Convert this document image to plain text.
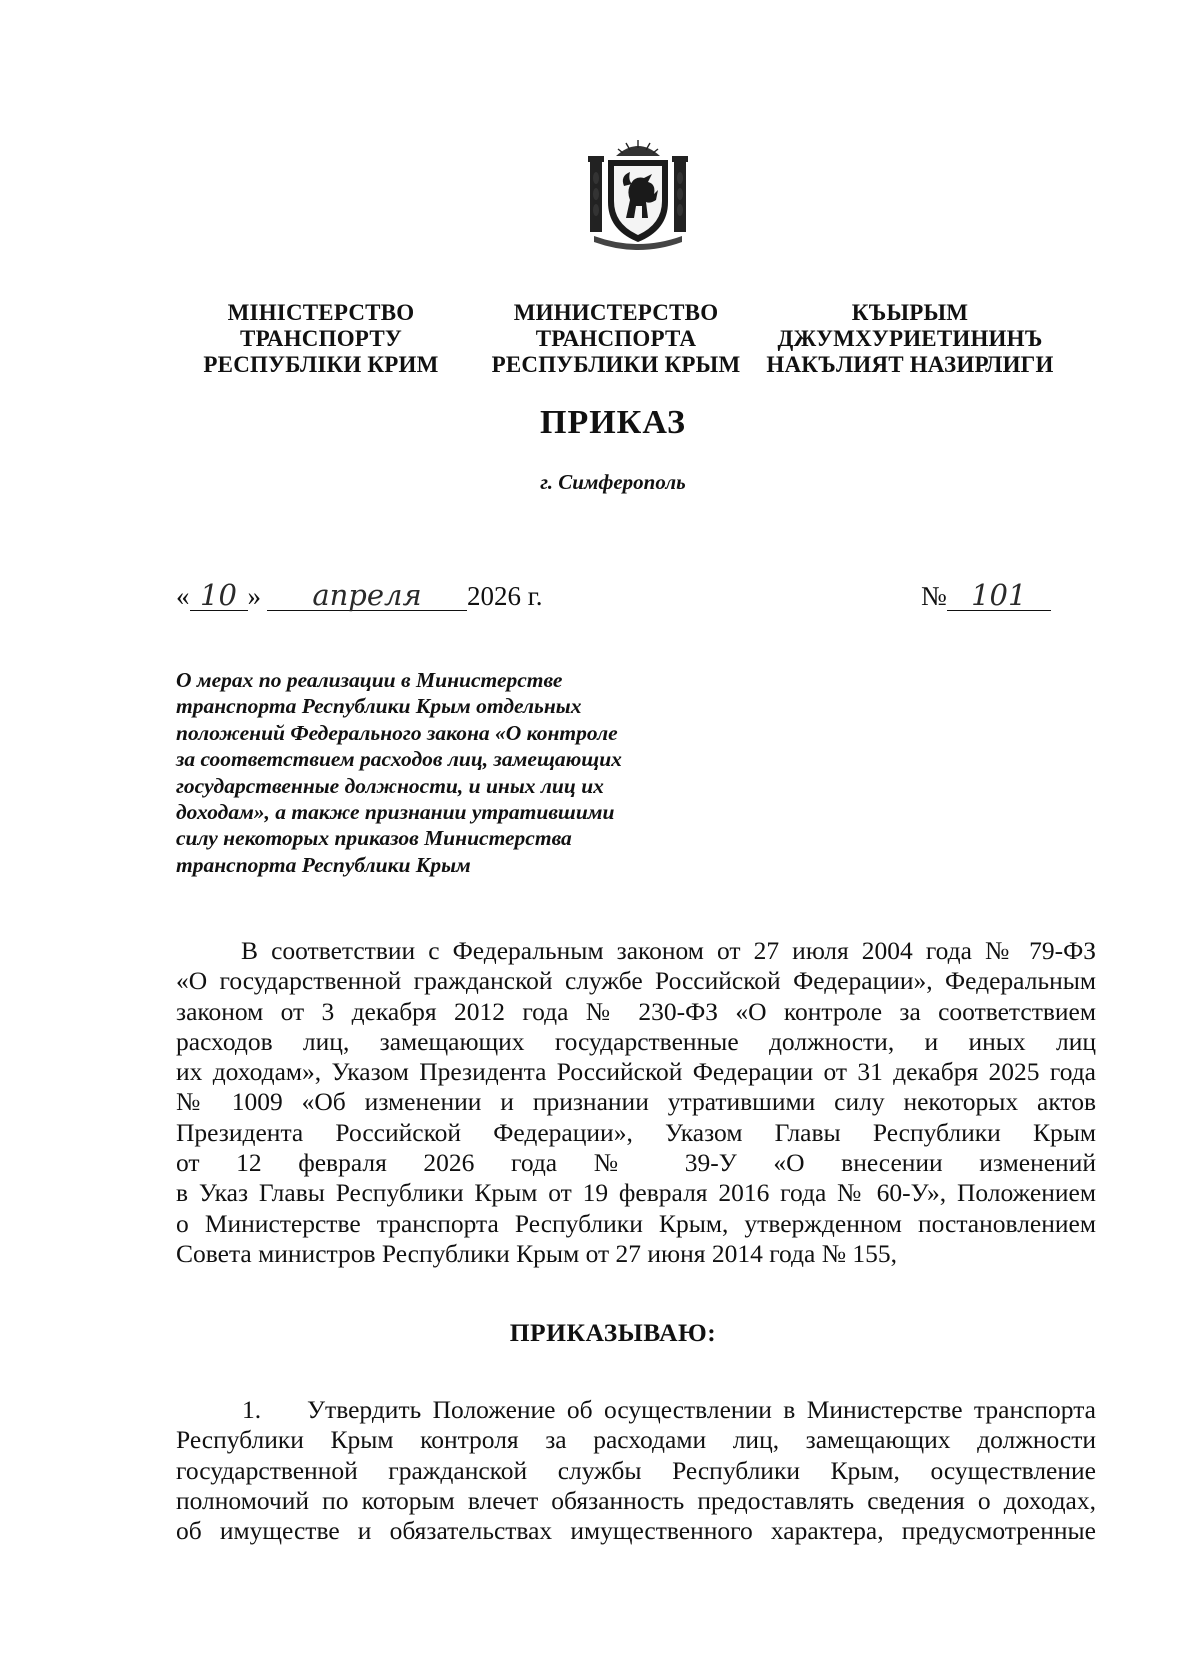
МІНІСТЕРСТВО
ТРАНСПОРТУ
РЕСПУБЛІКИ КРИМ
МИНИСТЕРСТВО
ТРАНСПОРТА
РЕСПУБЛИКИ КРЫМ
КЪЫРЫМ
ДЖУМХУРИЕТИНИНЪ
НАКЪЛИЯТ НАЗИРЛИГИ
ПРИКАЗ
г. Симферополь
« 10 » апреля 2026 г.	№ 101
О мерах по реализации в Министерстве
транспорта Республики Крым отдельных
положений Федерального закона «О контроле
за соответствием расходов лиц, замещающих
государственные должности, и иных лиц их
доходам», а также признании утратившими
силу некоторых приказов Министерства
транспорта Республики Крым
В соответствии с Федеральным законом от 27 июля 2004 года № 79-ФЗ
«О государственной гражданской службе Российской Федерации», Федеральным
законом от 3 декабря 2012 года № 230-ФЗ «О контроле за соответствием
расходов лиц, замещающих государственные должности, и иных лиц
их доходам», Указом Президента Российской Федерации от 31 декабря 2025 года
№ 1009 «Об изменении и признании утратившими силу некоторых актов
Президента Российской Федерации», Указом Главы Республики Крым
от 12 февраля 2026 года № 39-У «О внесении изменений
в Указ Главы Республики Крым от 19 февраля 2016 года № 60-У», Положением
о Министерстве транспорта Республики Крым, утвержденном постановлением
Совета министров Республики Крым от 27 июня 2014 года № 155,
ПРИКАЗЫВАЮ:
1. Утвердить Положение об осуществлении в Министерстве транспорта
Республики Крым контроля за расходами лиц, замещающих должности
государственной гражданской службы Республики Крым, осуществление
полномочий по которым влечет обязанность предоставлять сведения о доходах,
об имуществе и обязательствах имущественного характера, предусмотренные
